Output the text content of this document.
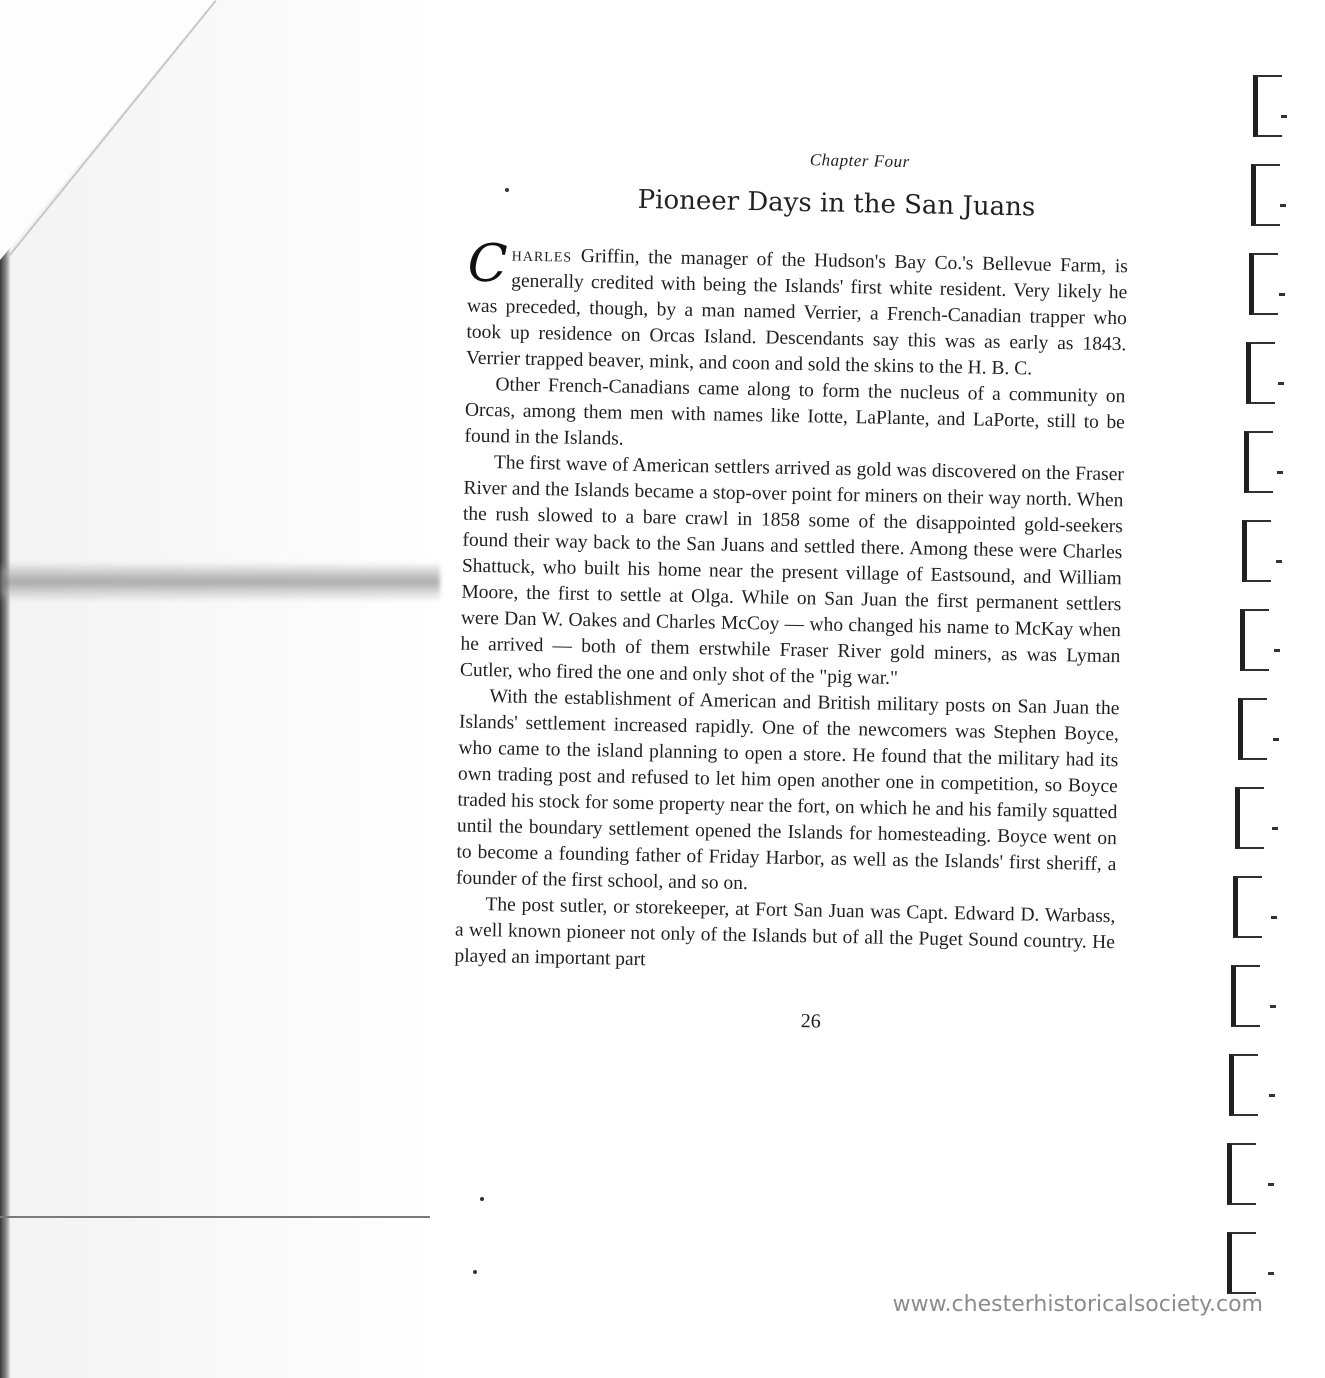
Chapter Four
Pioneer Days in the San Juans

Charles Griffin, the manager of the Hudson's Bay Co.'s Bellevue Farm, is generally credited with being the Islands' first white resident. Very likely he was preceded, though, by a man named Verrier, a French-Canadian trapper who took up residence on Orcas Island. Descendants say this was as early as 1843. Verrier trapped beaver, mink, and coon and sold the skins to the H. B. C.

Other French-Canadians came along to form the nucleus of a community on Orcas, among them men with names like Iotte, LaPlante, and LaPorte, still to be found in the Islands.

The first wave of American settlers arrived as gold was discovered on the Fraser River and the Islands became a stop-over point for miners on their way north. When the rush slowed to a bare crawl in 1858 some of the disappointed gold-seekers found their way back to the San Juans and settled there. Among these were Charles Shattuck, who built his home near the present village of Eastsound, and William Moore, the first to settle at Olga. While on San Juan the first permanent settlers were Dan W. Oakes and Charles McCoy — who changed his name to McKay when he arrived — both of them erstwhile Fraser River gold miners, as was Lyman Cutler, who fired the one and only shot of the "pig war."

With the establishment of American and British military posts on San Juan the Islands' settlement increased rapidly. One of the newcomers was Stephen Boyce, who came to the island planning to open a store. He found that the military had its own trading post and refused to let him open another one in competition, so Boyce traded his stock for some property near the fort, on which he and his family squatted until the boundary settlement opened the Islands for homesteading. Boyce went on to become a founding father of Friday Harbor, as well as the Islands' first sheriff, a founder of the first school, and so on.

The post sutler, or storekeeper, at Fort San Juan was Capt. Edward D. Warbass, a well known pioneer not only of the Islands but of all the Puget Sound country. He played an important part

26
www.chesterhistoricalsociety.com
